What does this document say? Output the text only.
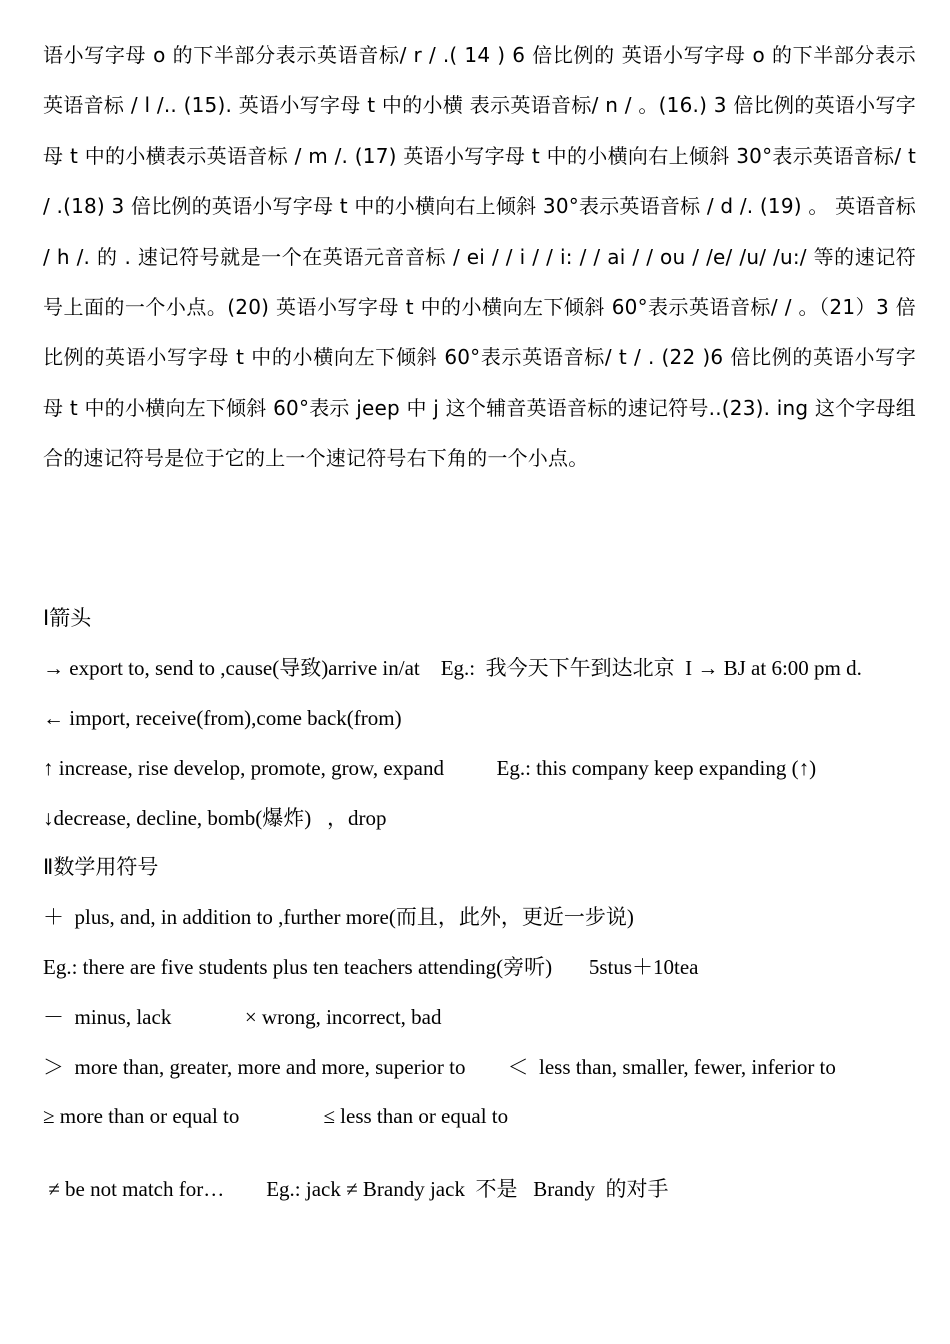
语小写字母 o 的下半部分表示英语音标/ r / .( 14 ) 6 倍比例的 英语小写字母 o 的下半部分表示英语音标 / l /.. (15). 英语小写字母 t 中的小横 表示英语音标/ n / 。(16.) 3 倍比例的英语小写字母 t 中的小横表示英语音标 / m /. (17) 英语小写字母 t 中的小横向右上倾斜 30°表示英语音标/ t / .(18) 3 倍比例的英语小写字母 t 中的小横向右上倾斜 30°表示英语音标 / d /. (19) 。 英语音标 / h /. 的 . 速记符号就是一个在英语元音音标 / ei / / i / / i: / / ai / / ou / /e/ /u/ /u:/ 等的速记符号上面的一个小点。(20) 英语小写字母 t 中的小横向左下倾斜 60°表示英语音标/ / 。（21）3 倍比例的英语小写字母 t 中的小横向左下倾斜 60°表示英语音标/ t / . (22 )6 倍比例的英语小写字母 t 中的小横向左下倾斜 60°表示 jeep 中 j 这个辅音英语音标的速记符号..(23). ing 这个字母组合的速记符号是位于它的上一个速记符号右下角的一个小点。

Ⅰ箭头
→ export to, send to ,cause(导致)arrive in/at    Eg.:  我今天下午到达北京  I → BJ at 6:00 pm d.
← import, receive(from),come back(from)
↑ increase, rise develop, promote, grow, expand          Eg.: this company keep expanding (↑)
↓decrease, decline, bomb(爆炸)   ，drop
Ⅱ数学用符号
＋  plus, and, in addition to ,further more(而且，此外，更近一步说)
Eg.: there are five students plus ten teachers attending(旁听)       5stus＋10tea
－  minus, lack              × wrong, incorrect, bad
＞  more than, greater, more and more, superior to        ＜  less than, smaller, fewer, inferior to
≥ more than or equal to                ≤ less than or equal to
≠ be not match for…        Eg.: jack ≠ Brandy jack  不是   Brandy  的对手
